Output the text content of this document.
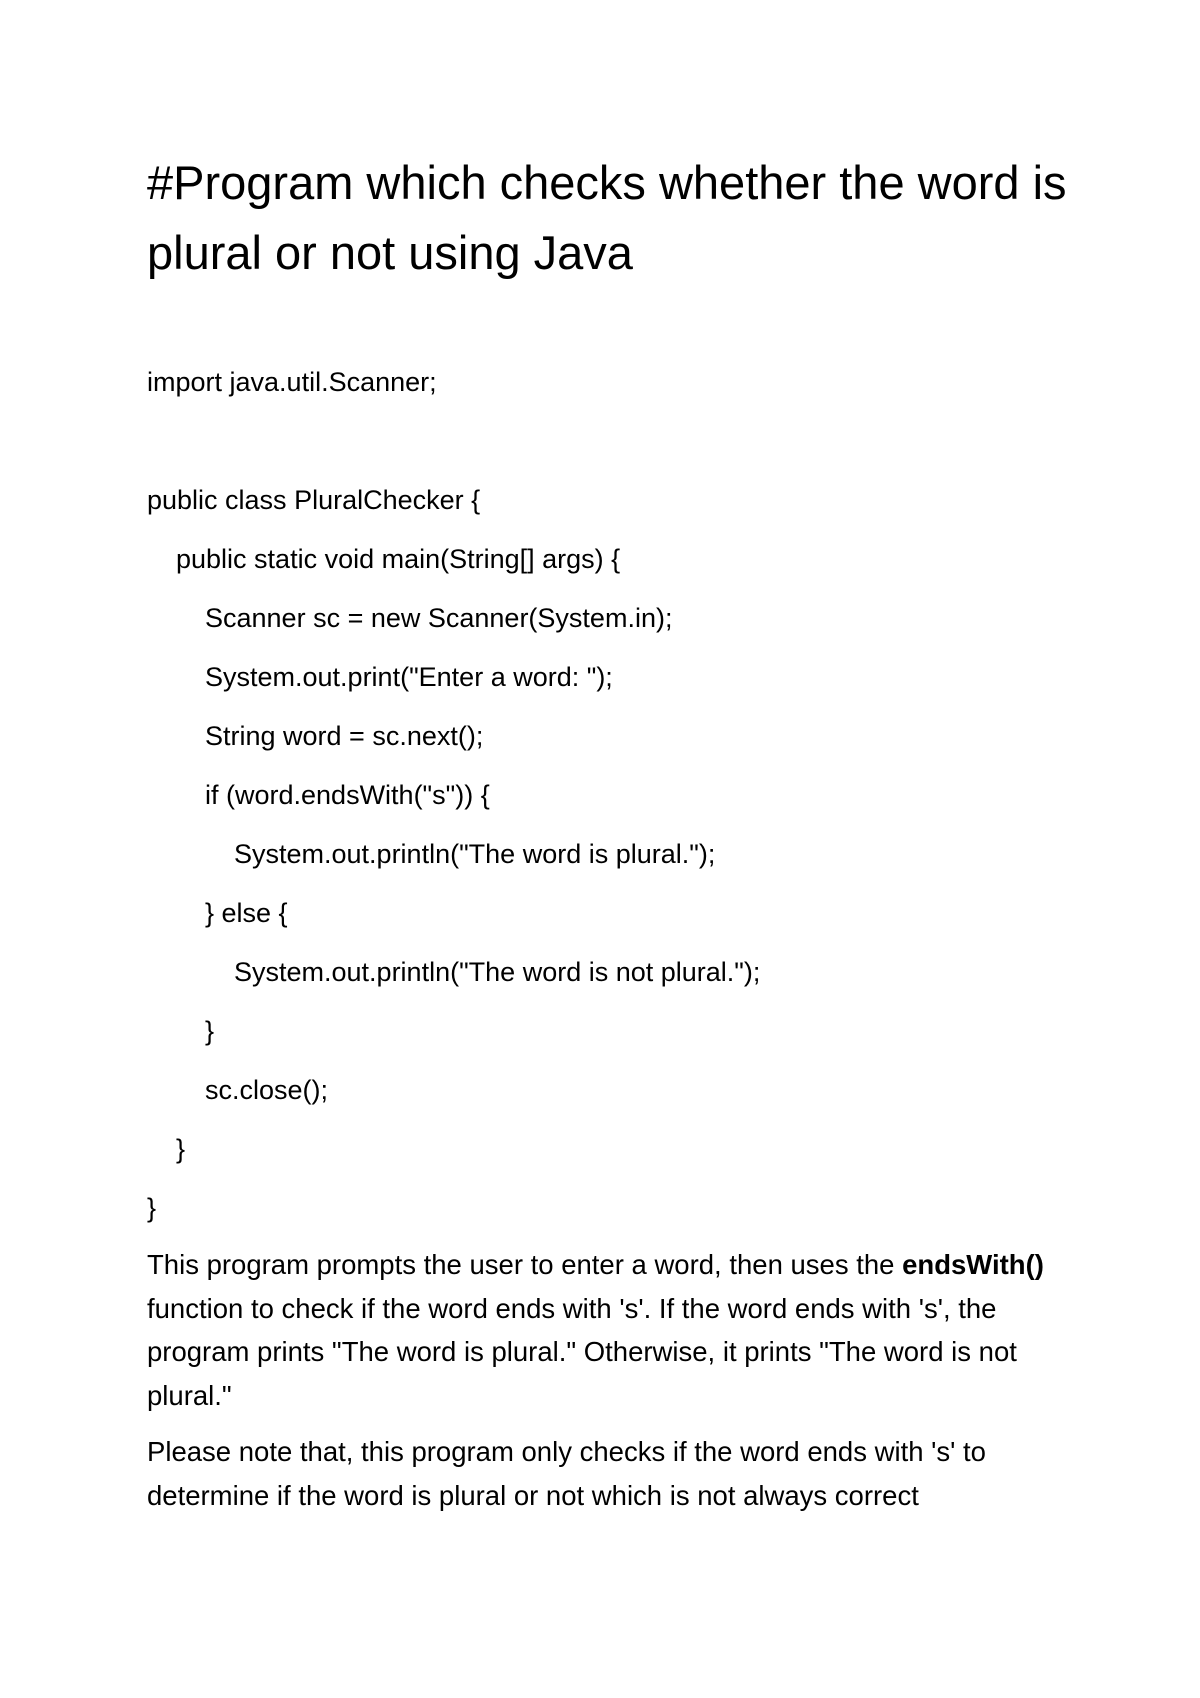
#Program which checks whether the word is plural or not using Java
import java.util.Scanner;
public class PluralChecker {
public static void main(String[] args) {
Scanner sc = new Scanner(System.in);
System.out.print("Enter a word: ");
String word = sc.next();
if (word.endsWith("s")) {
System.out.println("The word is plural.");
} else {
System.out.println("The word is not plural.");
}
sc.close();
}
}

This program prompts the user to enter a word, then uses the endsWith() function to check if the word ends with 's'. If the word ends with 's', the program prints "The word is plural." Otherwise, it prints "The word is not plural."

Please note that, this program only checks if the word ends with 's' to determine if the word is plural or not which is not always correct
